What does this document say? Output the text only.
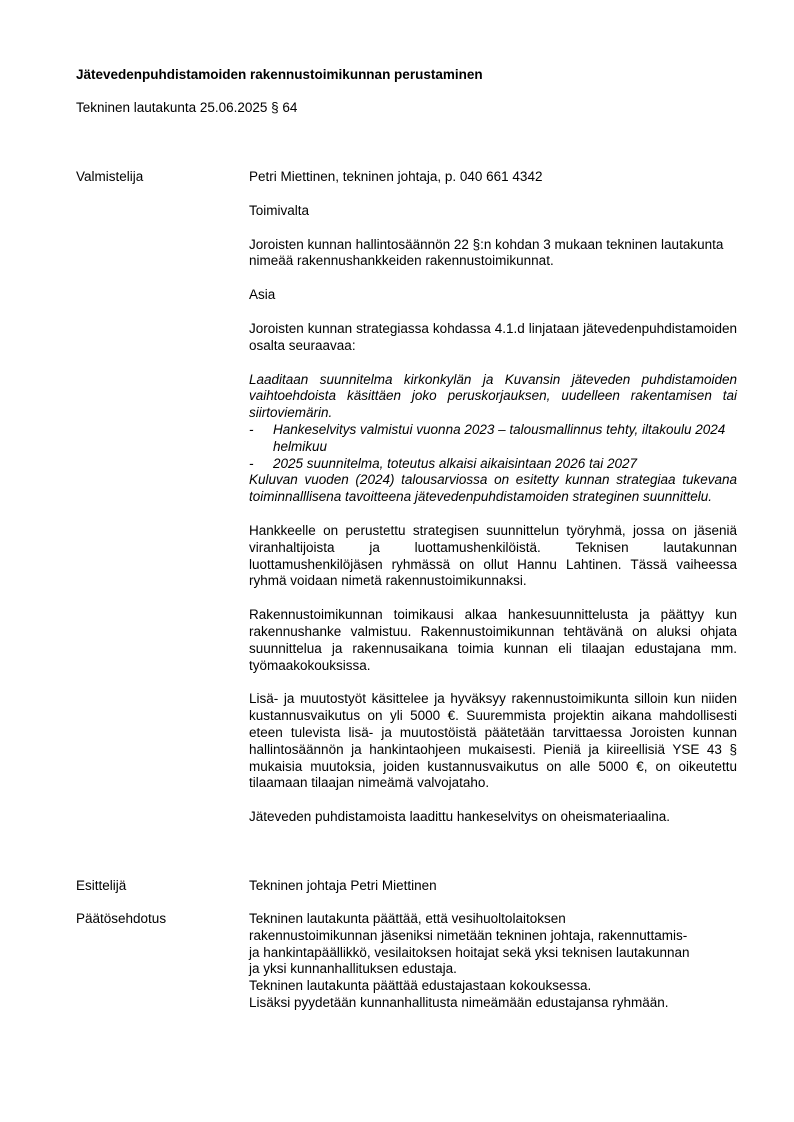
Jätevedenpuhdistamoiden rakennustoimikunnan perustaminen
Tekninen lautakunta 25.06.2025 § 64
Valmistelija	Petri Miettinen, tekninen johtaja, p. 040 661 4342

Toimivalta

Joroisten kunnan hallintosäännön 22 §:n kohdan 3 mukaan tekninen lautakunta nimeää rakennushankkeiden rakennustoimikunnat.

Asia

Joroisten kunnan strategiassa kohdassa 4.1.d linjataan jätevedenpuhdistamoiden osalta seuraavaa:

Laaditaan suunnitelma kirkonkylän ja Kuvansin jäteveden puhdistamoiden vaihtoehdoista käsittäen joko peruskorjauksen, uudelleen rakentamisen tai siirtoviemärin.

- Hankeselvitys valmistui vuonna 2023 – talousmallinnus tehty, iltakoulu 2024 helmikuu
- 2025 suunnitelma, toteutus alkaisi aikaisintaan 2026 tai 2027

Kuluvan vuoden (2024) talousarviossa on esitetty kunnan strategiaa tukevana toiminnalllisena tavoitteena jätevedenpuhdistamoiden strateginen suunnittelu.

Hankkeelle on perustettu strategisen suunnittelun työryhmä, jossa on jäseniä viranhaltijoista ja luottamushenkilöistä. Teknisen lautakunnan luottamushenkilöjäsen ryhmässä on ollut Hannu Lahtinen. Tässä vaiheessa ryhmä voidaan nimetä rakennustoimikunnaksi.

Rakennustoimikunnan toimikausi alkaa hankesuunnittelusta ja päättyy kun rakennushanke valmistuu. Rakennustoimikunnan tehtävänä on aluksi ohjata suunnittelua ja rakennusaikana toimia kunnan eli tilaajan edustajana mm. työmaakokouksissa.

Lisä- ja muutostyöt käsittelee ja hyväksyy rakennustoimikunta silloin kun niiden kustannusvaikutus on yli 5000 €. Suuremmista projektin aikana mahdollisesti eteen tulevista lisä- ja muutostöistä päätetään tarvittaessa Joroisten kunnan hallintosäännön ja hankintaohjeen mukaisesti. Pieniä ja kiireellisiä YSE 43 § mukaisia muutoksia, joiden kustannusvaikutus on alle 5000 €, on oikeutettu tilaamaan tilaajan nimeämä valvojataho.

Jäteveden puhdistamoista laadittu hankeselvitys on oheismateriaalina.

Esittelijä	Tekninen johtaja Petri Miettinen
Päätösehdotus	Tekninen lautakunta päättää, että vesihuoltolaitoksen
rakennustoimikunnan jäseniksi nimetään tekninen johtaja, rakennuttamis-
ja hankintapäällikkö, vesilaitoksen hoitajat sekä yksi teknisen lautakunnan
ja yksi kunnanhallituksen edustaja.
Tekninen lautakunta päättää edustajastaan kokouksessa.
Lisäksi pyydetään kunnanhallitusta nimeämään edustajansa ryhmään.
